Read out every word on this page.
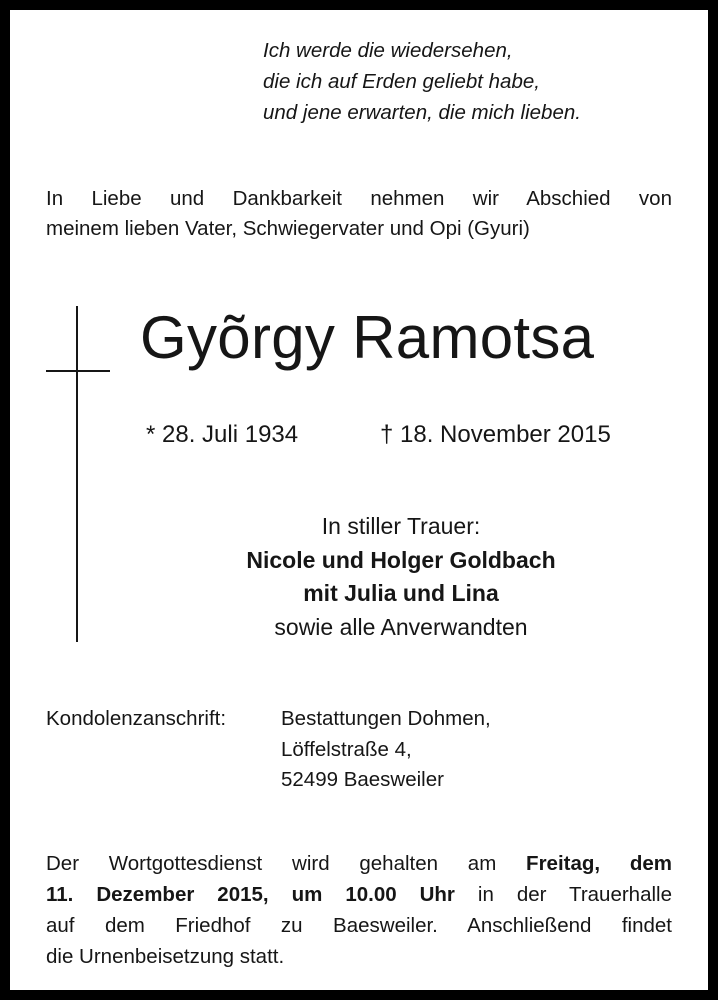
Ich werde die wiedersehen,
die ich auf Erden geliebt habe,
und jene erwarten, die mich lieben.
In Liebe und Dankbarkeit nehmen wir Abschied von
meinem lieben Vater, Schwiegervater und Opi (Gyuri)
Gyõrgy Ramotsa
* 28. Juli 1934	† 18. November 2015
In stiller Trauer:
Nicole und Holger Goldbach
mit Julia und Lina
sowie alle Anverwandten
Kondolenzanschrift:	Bestattungen Dohmen,
Löffelstraße 4,
52499 Baesweiler
Der Wortgottesdienst wird gehalten am Freitag, dem
11. Dezember 2015, um 10.00 Uhr in der Trauerhalle
auf dem Friedhof zu Baesweiler. Anschließend findet
die Urnenbeisetzung statt.
